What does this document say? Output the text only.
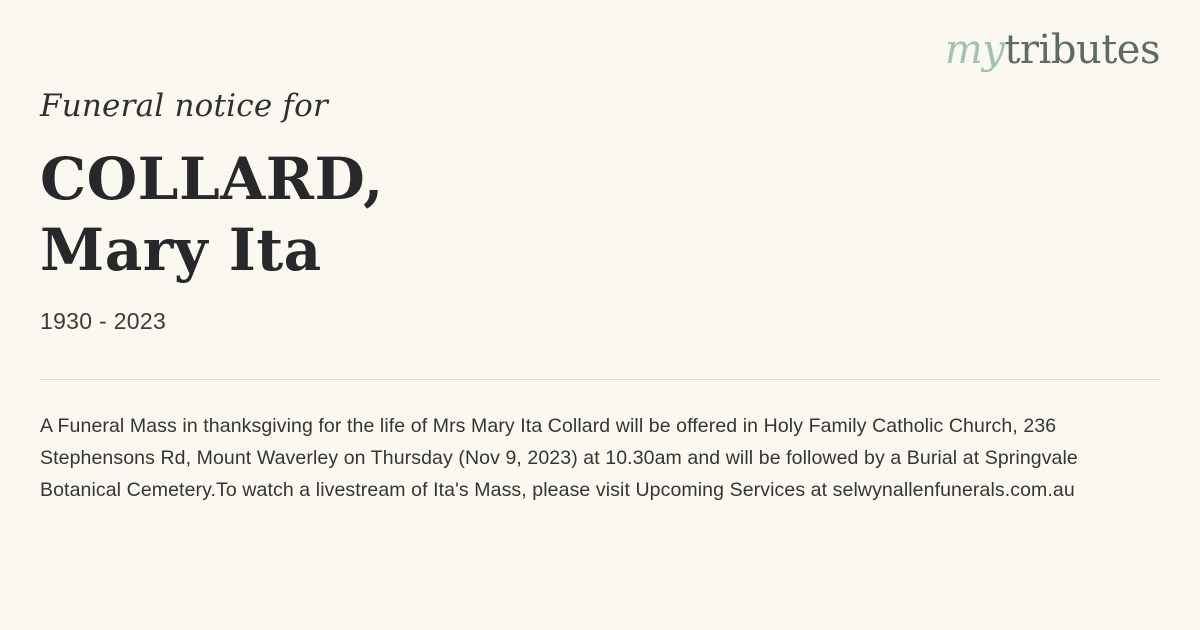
mytributes

Funeral notice for

COLLARD,
Mary Ita

1930 - 2023

A Funeral Mass in thanksgiving for the life of Mrs Mary Ita Collard will be offered in Holy Family Catholic Church, 236 Stephensons Rd, Mount Waverley on Thursday (Nov 9, 2023) at 10.30am and will be followed by a Burial at Springvale Botanical Cemetery.To watch a livestream of Ita's Mass, please visit Upcoming Services at selwynallenfunerals.com.au
